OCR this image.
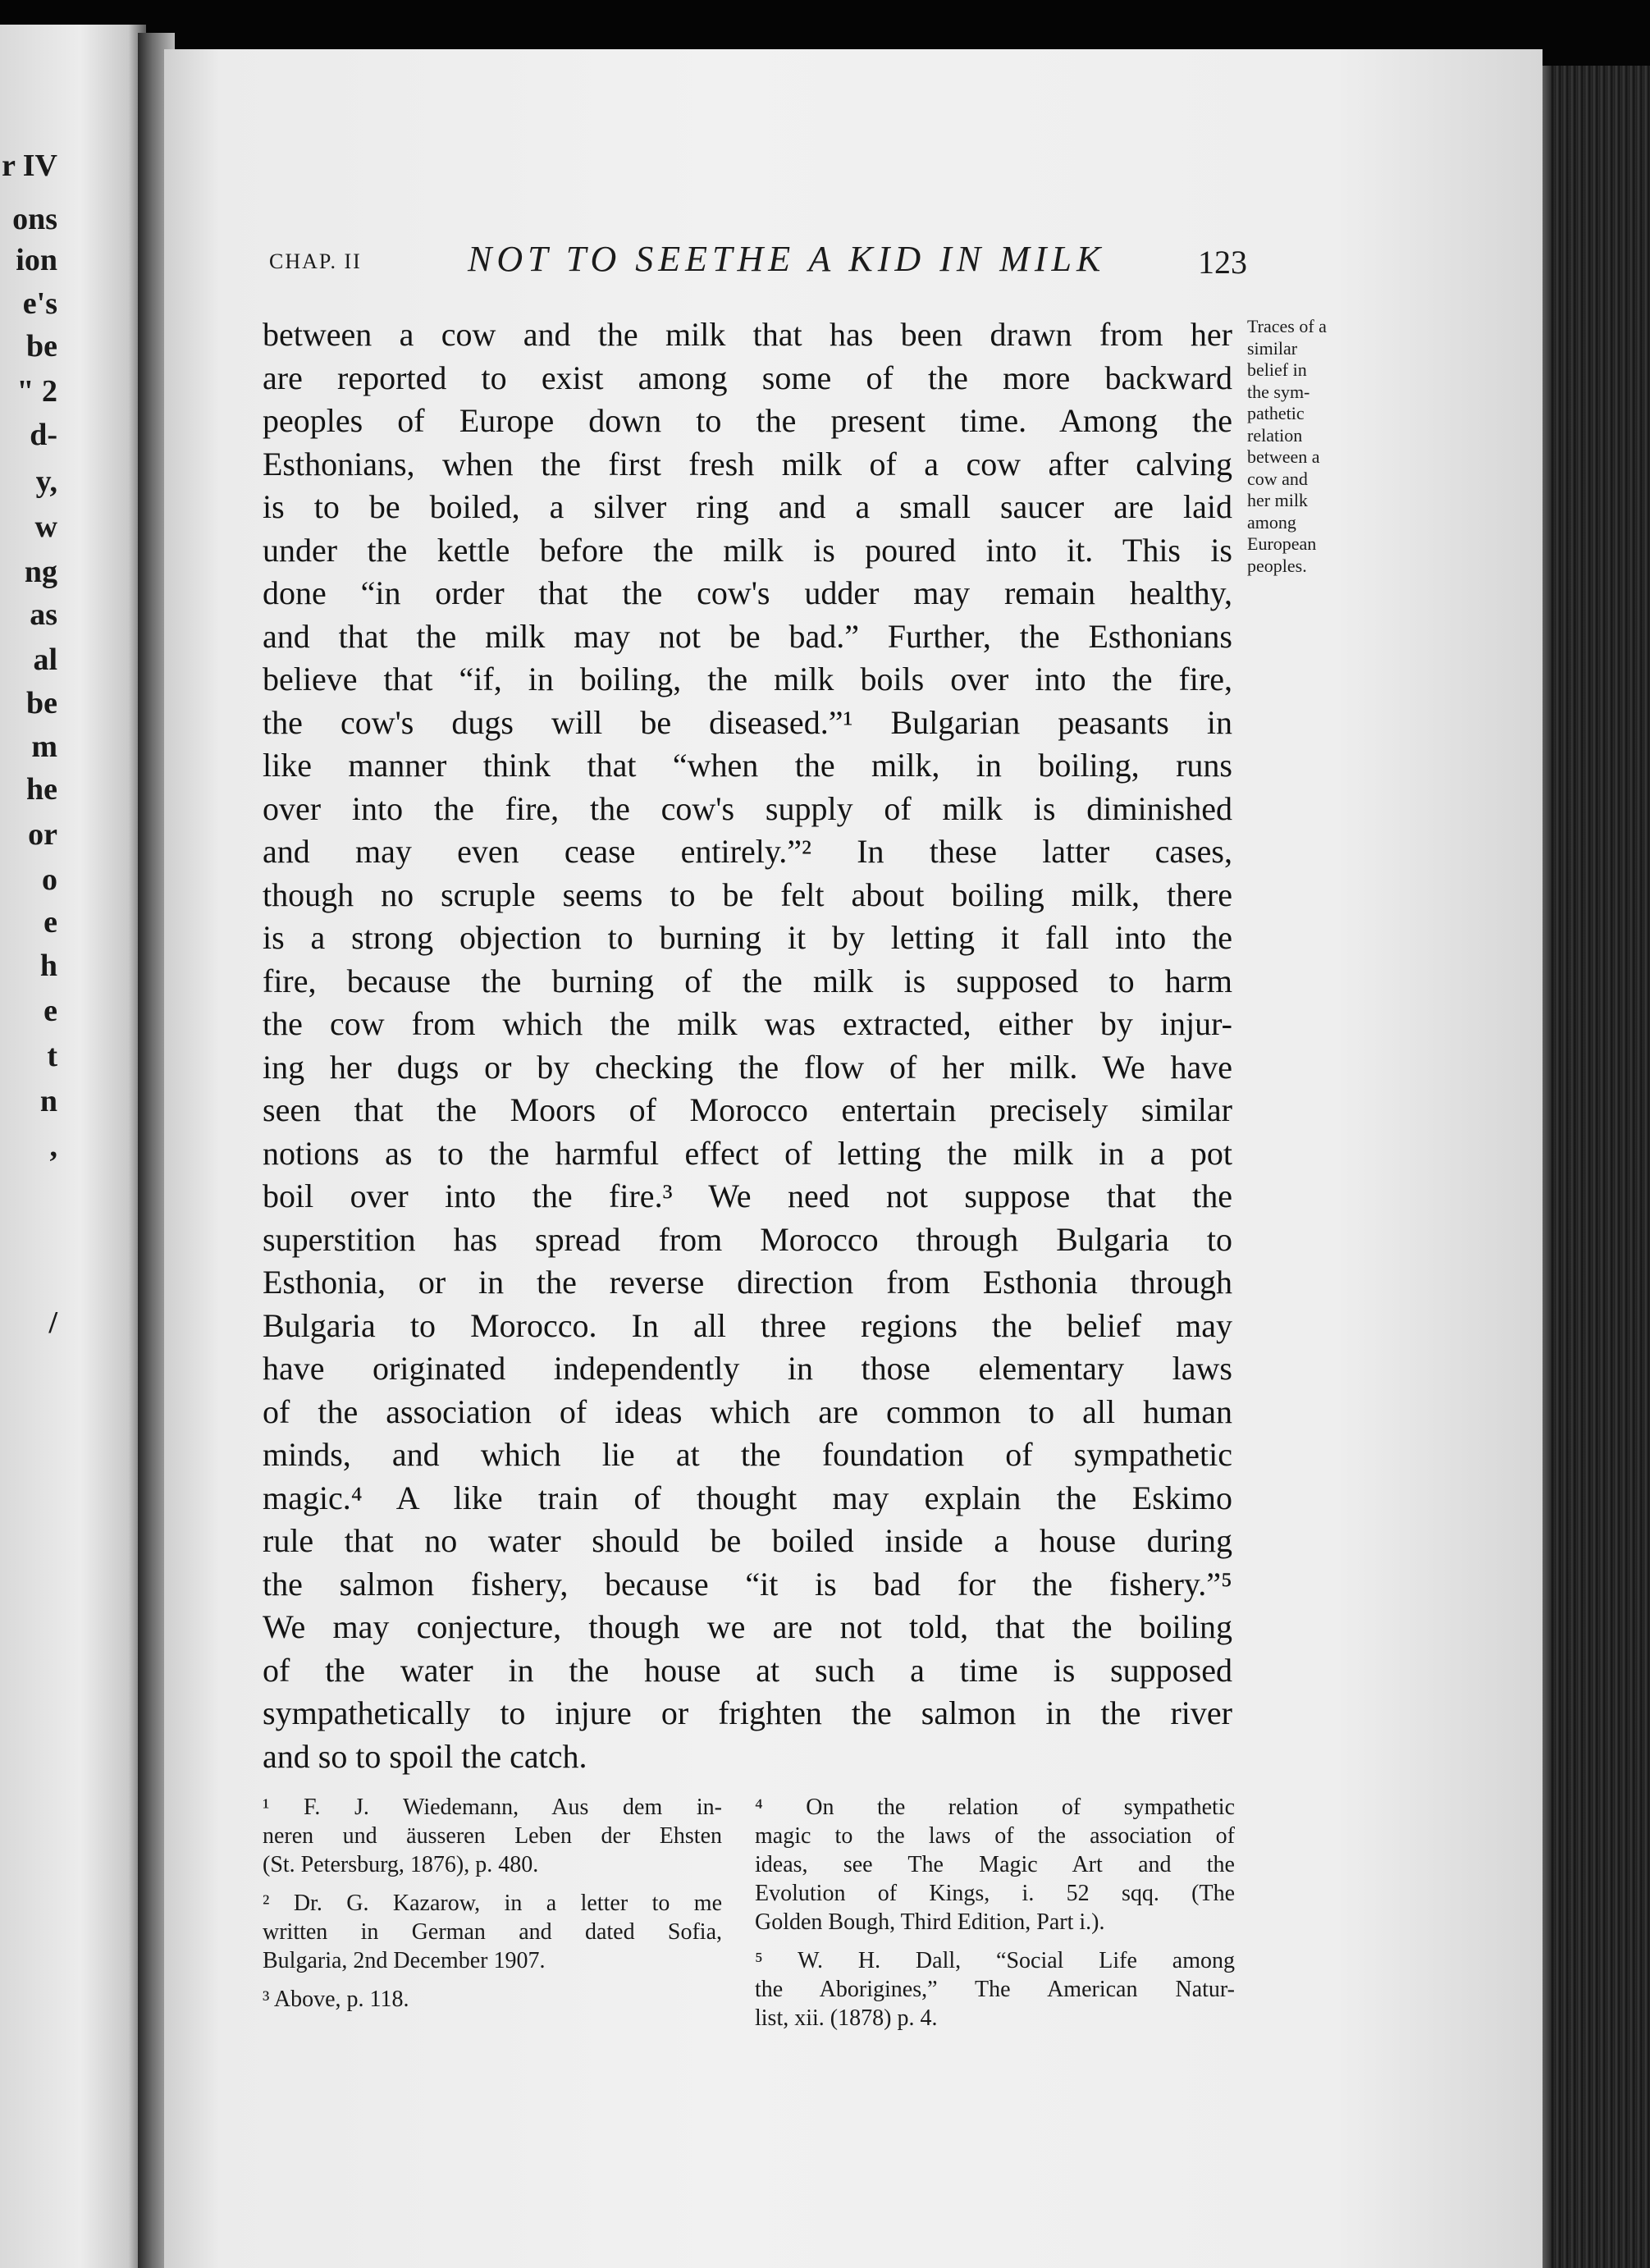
r IV
ons
ion
e's
be
" 2
d-
y,
w
ng
as
al
be
m
he
or
o
e
h
e
t
n
,
/
CHAP. II	NOT TO SEETHE A KID IN MILK	123
between a cow and the milk that has been drawn from her
are reported to exist among some of the more backward
peoples of Europe down to the present time. Among the
Esthonians, when the first fresh milk of a cow after calving
is to be boiled, a silver ring and a small saucer are laid
under the kettle before the milk is poured into it. This is
done “in order that the cow's udder may remain healthy,
and that the milk may not be bad.” Further, the Esthonians
believe that “if, in boiling, the milk boils over into the fire,
the cow's dugs will be diseased.”¹ Bulgarian peasants in
like manner think that “when the milk, in boiling, runs
over into the fire, the cow's supply of milk is diminished
and may even cease entirely.”² In these latter cases,
though no scruple seems to be felt about boiling milk, there
is a strong objection to burning it by letting it fall into the
fire, because the burning of the milk is supposed to harm
the cow from which the milk was extracted, either by injur-
ing her dugs or by checking the flow of her milk. We have
seen that the Moors of Morocco entertain precisely similar
notions as to the harmful effect of letting the milk in a pot
boil over into the fire.³ We need not suppose that the
superstition has spread from Morocco through Bulgaria to
Esthonia, or in the reverse direction from Esthonia through
Bulgaria to Morocco. In all three regions the belief may
have originated independently in those elementary laws
of the association of ideas which are common to all human
minds, and which lie at the foundation of sympathetic
magic.⁴ A like train of thought may explain the Eskimo
rule that no water should be boiled inside a house during
the salmon fishery, because “it is bad for the fishery.”⁵
We may conjecture, though we are not told, that the boiling
of the water in the house at such a time is supposed
sympathetically to injure or frighten the salmon in the river
and so to spoil the catch.
Traces of a
similar
belief in
the sym-
pathetic
relation
between a
cow and
her milk
among
European
peoples.
¹ F. J. Wiedemann, Aus dem in-
neren und äusseren Leben der Ehsten
(St. Petersburg, 1876), p. 480.
² Dr. G. Kazarow, in a letter to me
written in German and dated Sofia,
Bulgaria, 2nd December 1907.
³ Above, p. 118.
⁴ On the relation of sympathetic
magic to the laws of the association of
ideas, see The Magic Art and the
Evolution of Kings, i. 52 sqq. (The
Golden Bough, Third Edition, Part i.).
⁵ W. H. Dall, “Social Life among
the Aborigines,” The American Natur-
list, xii. (1878) p. 4.
